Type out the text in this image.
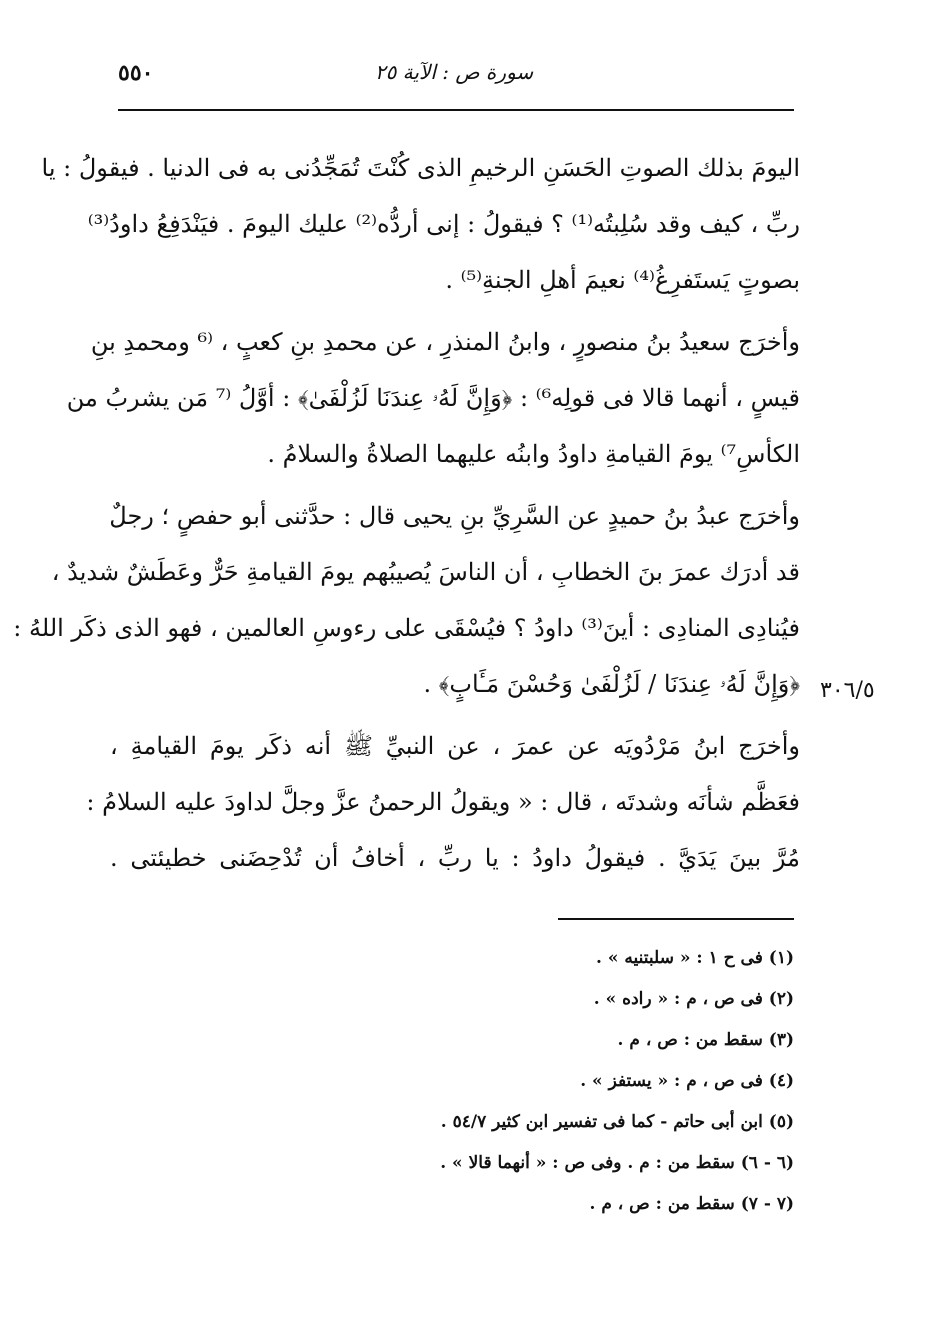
سورة ص : الآية ٢٥
٥٥٠

اليومَ بذلك الصوتِ الحَسَنِ الرخيمِ الذى كُنْتَ تُمَجِّدُنى به فى الدنيا . فيقولُ : يا
ربِّ ، كيف وقد سُلِبتُه⁽¹⁾ ؟ فيقولُ : إنى أردُّه⁽²⁾ عليك اليومَ . فيَنْدَفِعُ داودُ⁽³⁾
بصوتٍ يَستَفرِغُ⁽⁴⁾ نعيمَ أهلِ الجنةِ⁽⁵⁾ .

وأخرَج سعيدُ بنُ منصورٍ ، وابنُ المنذرِ ، عن محمدِ بنِ كعبٍ ، ⁽⁶ ومحمدِ بنِ
قيسٍ ، أنهما قالا فى قولِه⁶⁾ : ﴿وَإِنَّ لَهُۥ عِندَنَا لَزُلْفَىٰ﴾ : أوَّلُ ⁽⁷ مَن يشربُ من
الكأسِ⁷⁾ يومَ القيامةِ داودُ وابنُه عليهما الصلاةُ والسلامُ .

وأخرَج عبدُ بنُ حميدٍ عن السَّرِيِّ بنِ يحيى قال : حدَّثنى أبو حفصٍ ؛ رجلٌ
قد أدرَك عمرَ بنَ الخطابِ ، أن الناسَ يُصيبُهم يومَ القيامةِ حَرٌّ وعَطَشٌ شديدٌ ،
فيُنادِى المنادِى : أينَ⁽³⁾ داودُ ؟ فيُسْقَى على رءوسِ العالمين ، فهو الذى ذكَر اللهُ :
﴿وَإِنَّ لَهُۥ عِندَنَا / لَزُلْفَىٰ وَحُسْنَ مَـَٔابٍ﴾ .

وأخرَج ابنُ مَرْدُويَه عن عمرَ ، عن النبيِّ ﷺ أنه ذكَر يومَ القيامةِ ،
فعَظَّم شأنَه وشدتَه ، قال : « ويقولُ الرحمنُ عزَّ وجلَّ لداودَ عليه السلامُ :
مُرَّ بينَ يَدَيَّ . فيقولُ داودُ : يا ربِّ ، أخافُ أن تُدْحِضَنى خطيئتى .

٣٠٦/٥
(١) فى ح ١ : « سلبتنيه » .
(٢) فى ص ، م : « راده » .
(٣) سقط من : ص ، م .
(٤) فى ص ، م : « يستفز » .
(٥) ابن أبى حاتم - كما فى تفسير ابن كثير ٥٤/٧ .
(٦ - ٦) سقط من : م . وفى ص : « أنهما قالا » .
(٧ - ٧) سقط من : ص ، م .
